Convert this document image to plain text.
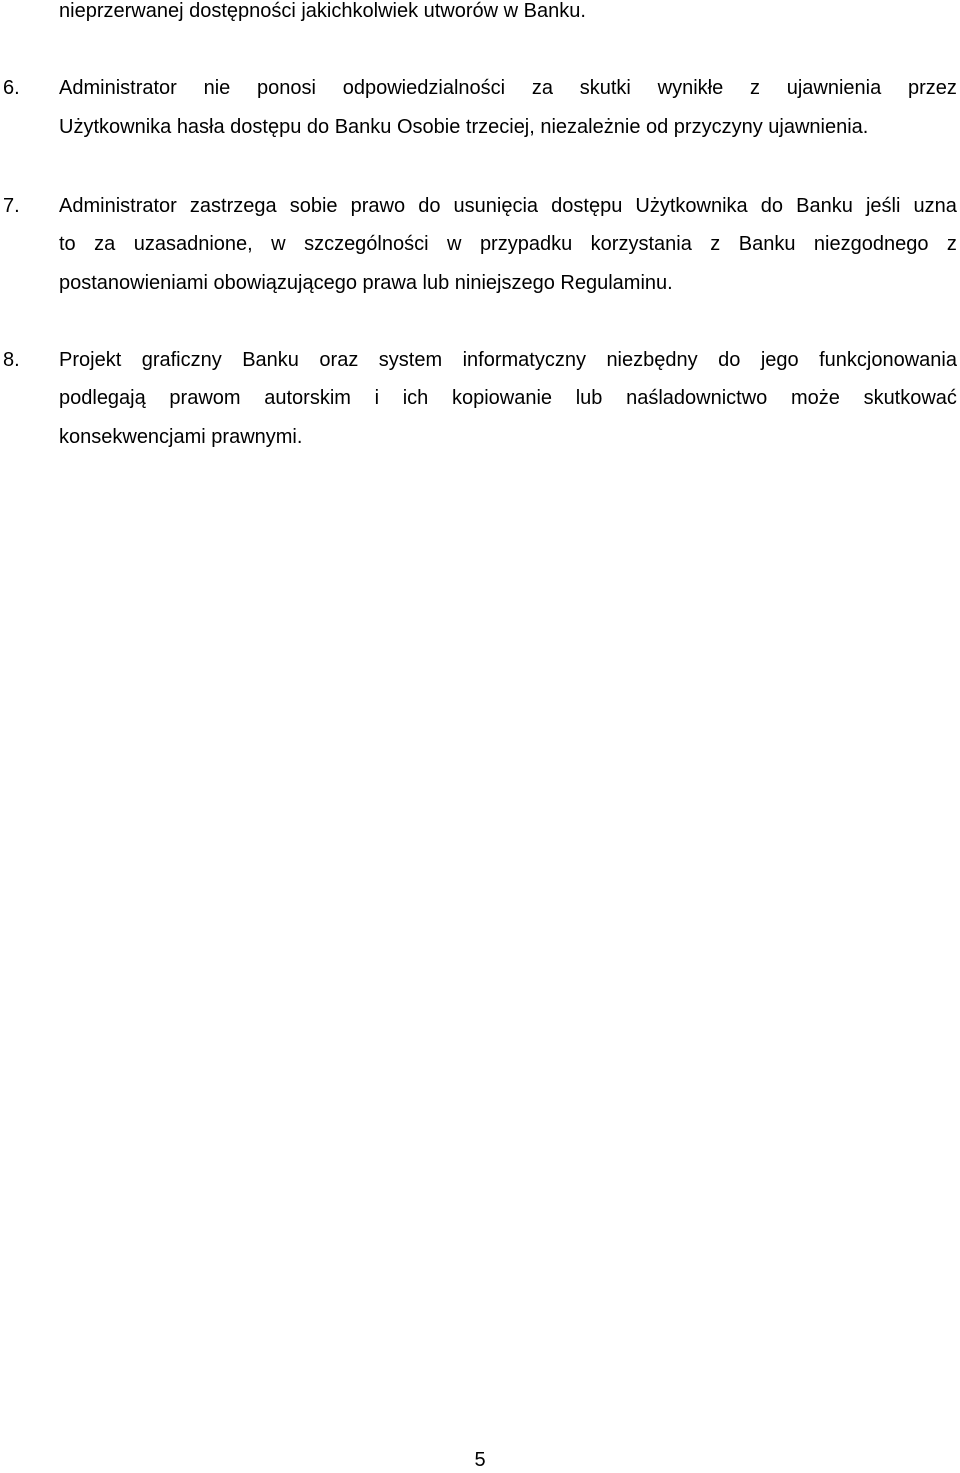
nieprzerwanej dostępności jakichkolwiek utworów w Banku.
6. Administrator nie ponosi odpowiedzialności za skutki wynikłe z ujawnienia przez
Użytkownika hasła dostępu do Banku Osobie trzeciej, niezależnie od przyczyny ujawnienia.
7. Administrator zastrzega sobie prawo do usunięcia dostępu Użytkownika do Banku jeśli uzna
to za uzasadnione, w szczególności w przypadku korzystania z Banku niezgodnego z
postanowieniami obowiązującego prawa lub niniejszego Regulaminu.
8. Projekt graficzny Banku oraz system informatyczny niezbędny do jego funkcjonowania
podlegają prawom autorskim i ich kopiowanie lub naśladownictwo może skutkować
konsekwencjami prawnymi.
5
